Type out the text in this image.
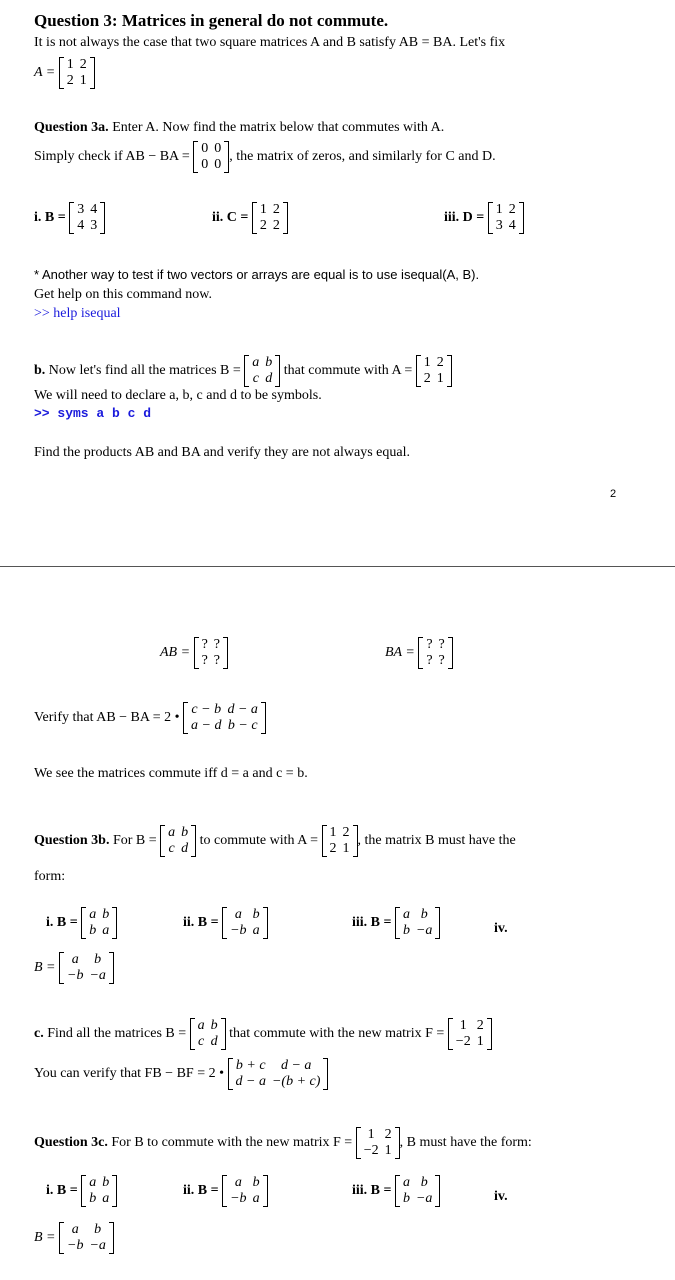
Question 3: Matrices in general do not commute.
It is not always the case that two square matrices A and B satisfy AB = BA. Let's fix
A =
1	2
2	1
Question 3a. Enter A. Now find the matrix below that commutes with A.
Simply check if AB − BA =
0	0
0	0
, the matrix of zeros, and similarly for C and D.
i. B =
3	4
4	3
ii. C =
1	2
2	2
iii. D =
1	2
3	4
* Another way to test if two vectors or arrays are equal is to use isequal(A, B).
Get help on this command now.
>> help isequal
b. Now let's find all the matrices B =
a	b
c	d
that commute with A =
1	2
2	1
We will need to declare a, b, c and d to be symbols.
>> syms a b c d
Find the products AB and BA and verify they are not always equal.
2
AB =
?	?
?	?
BA =
?	?
?	?
Verify that AB − BA = 2 •
c − b	d − a
a − d	b − c
We see the matrices commute iff d = a and c = b.
Question 3b. For B =
a	b
c	d
to commute with A =
1	2
2	1
, the matrix B must have the
form:
i. B =
a	b
b	a
ii. B =
a	b
−b	a
iii. B =
a	b
b	−a	iv.
B =
a	b
−b	−a
c. Find all the matrices B =
a	b
c	d
that commute with the new matrix F =
1	2
−2	1
You can verify that FB − BF = 2 •
b + c	d − a
d − a	−(b + c)
Question 3c. For B to commute with the new matrix F =
1	2
−2	1
, B must have the form:
i. B =
a	b
b	a
ii. B =
a	b
−b	a
iii. B =
a	b
b	−a	iv.
B =
a	b
−b	−a
